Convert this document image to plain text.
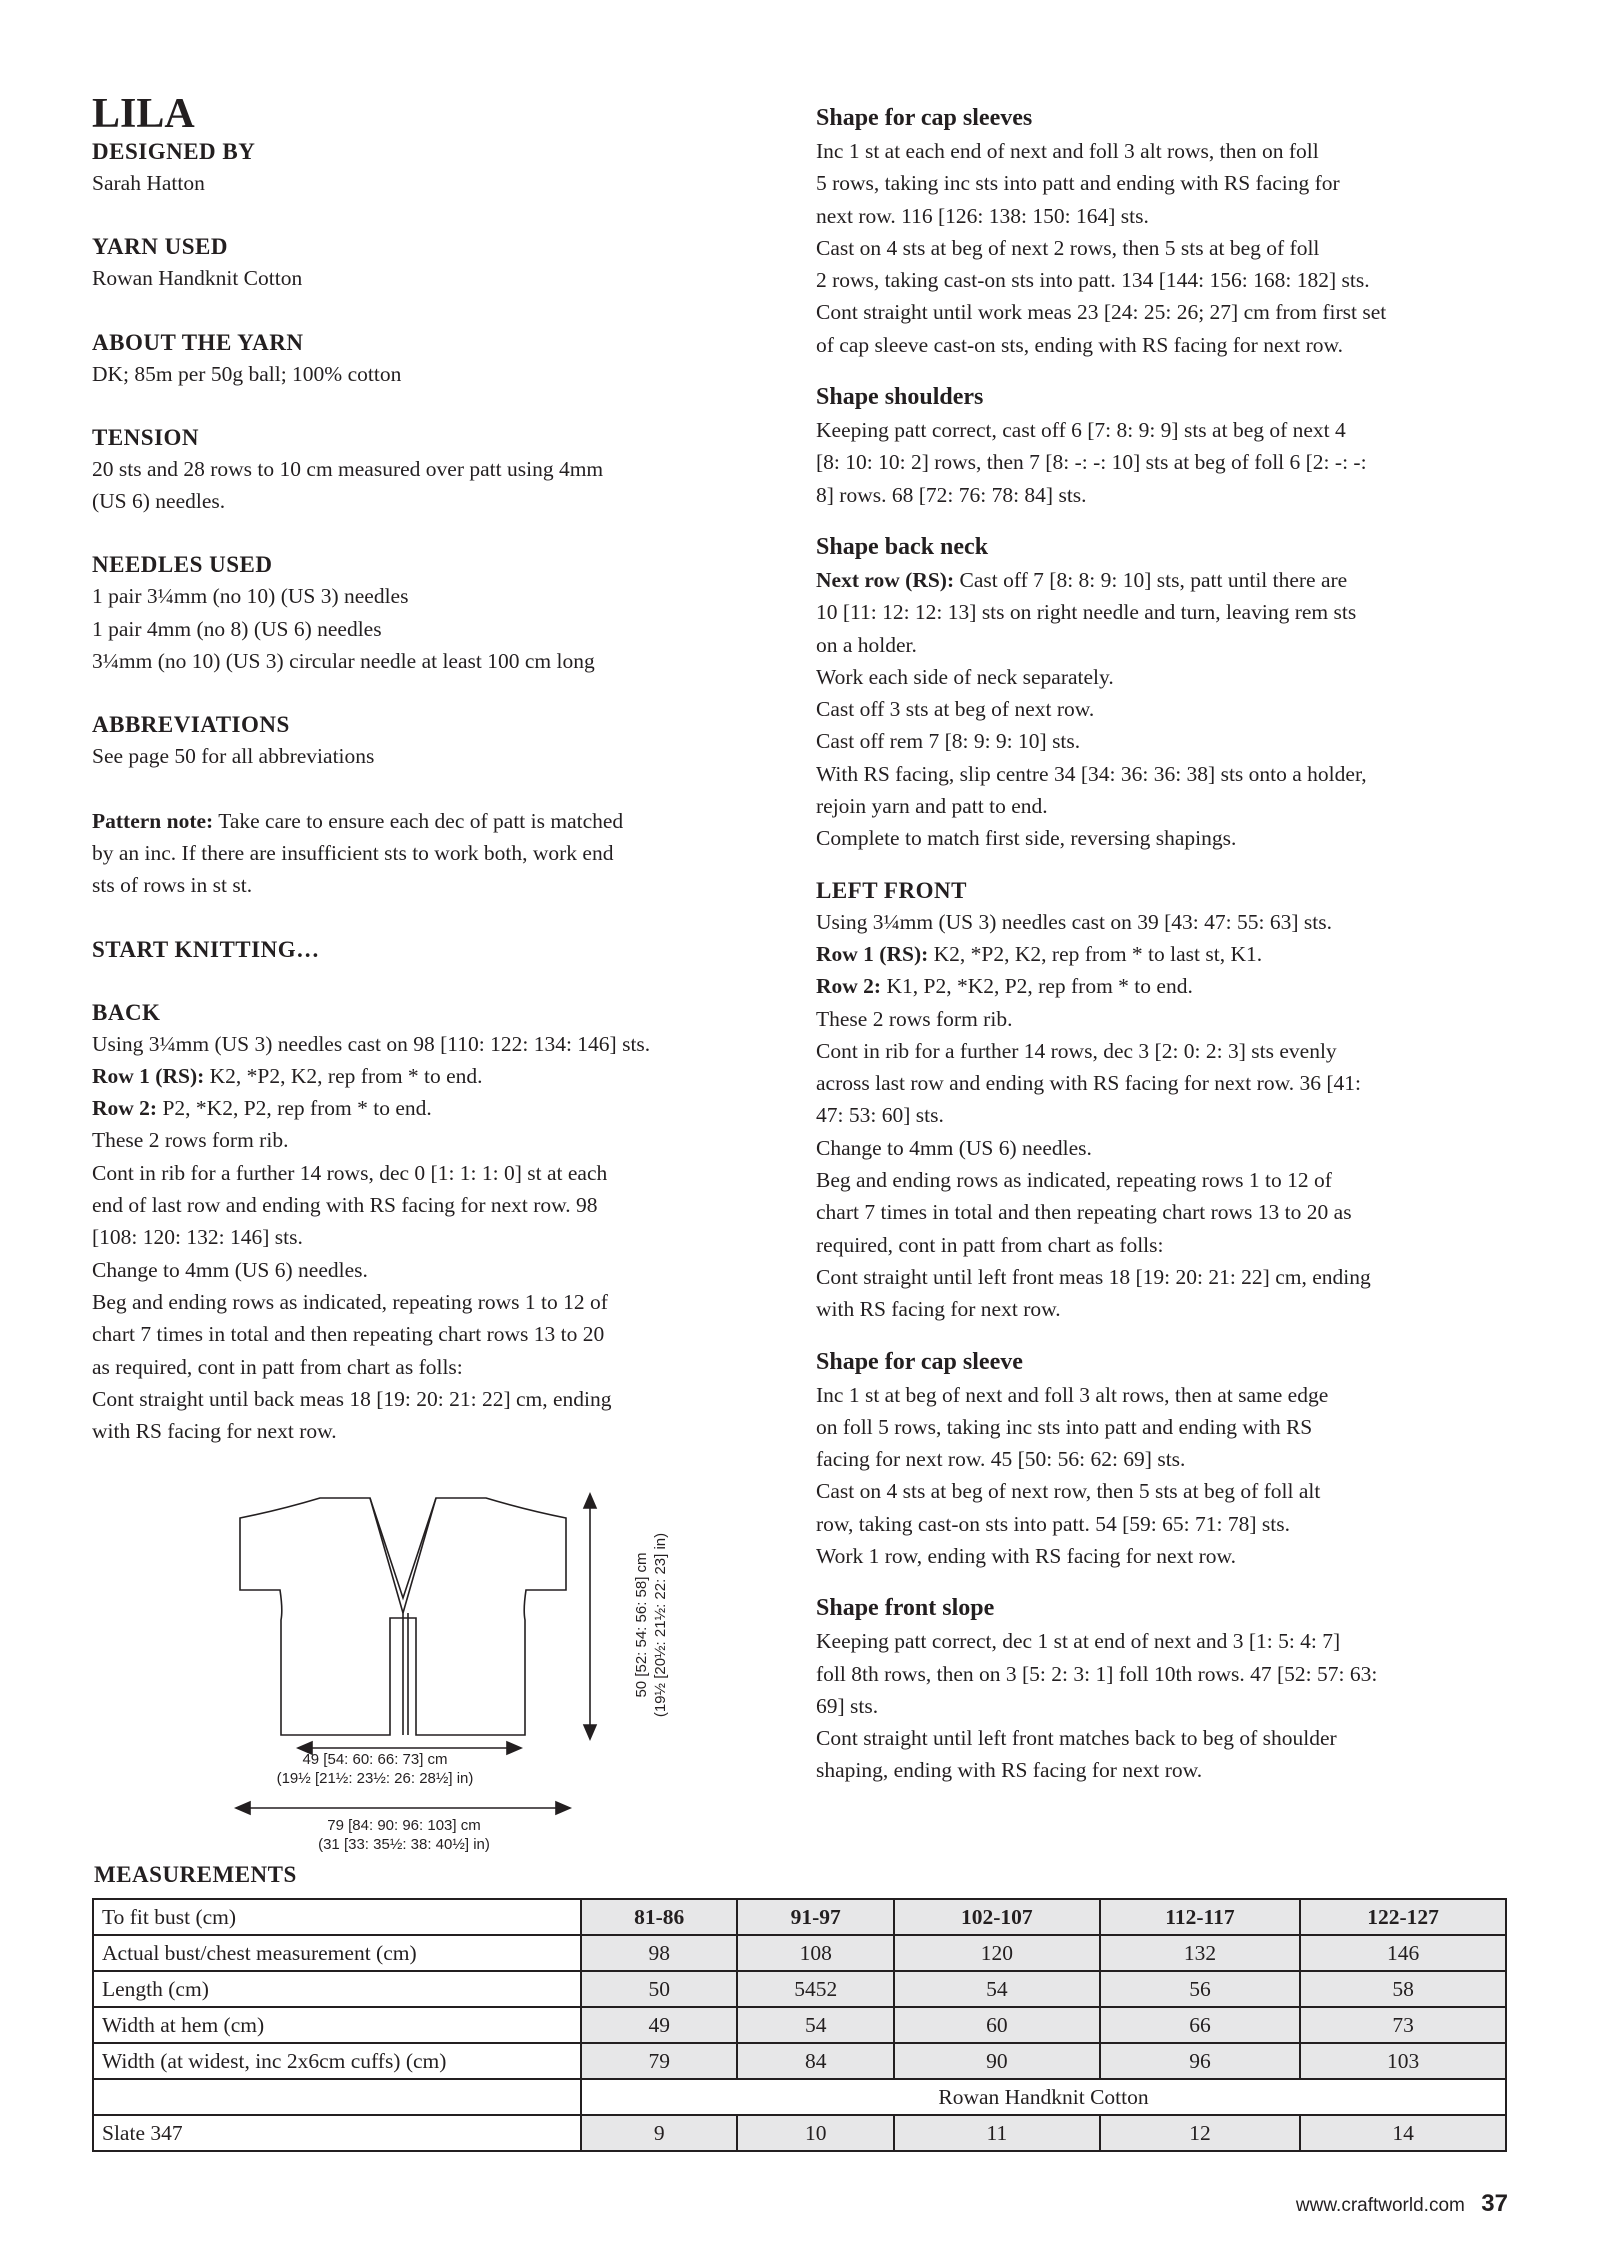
LILA

DESIGNED BY

Sarah Hatton

YARN USED

Rowan Handknit Cotton

ABOUT THE YARN

DK; 85m per 50g ball; 100% cotton

TENSION

20 sts and 28 rows to 10 cm measured over patt using 4mm

(US 6) needles.

NEEDLES USED

1 pair 3¼mm (no 10) (US 3) needles

1 pair 4mm (no 8) (US 6) needles

3¼mm (no 10) (US 3) circular needle at least 100 cm long

ABBREVIATIONS

See page 50 for all abbreviations

Pattern note: Take care to ensure each dec of patt is matched

by an inc. If there are insufficient sts to work both, work end

sts of rows in st st.

START KNITTING…

BACK

Using 3¼mm (US 3) needles cast on 98 [110: 122: 134: 146] sts.

Row 1 (RS): K2, *P2, K2, rep from * to end.

Row 2: P2, *K2, P2, rep from * to end.

These 2 rows form rib.

Cont in rib for a further 14 rows, dec 0 [1: 1: 1: 0] st at each

end of last row and ending with RS facing for next row. 98

[108: 120: 132: 146] sts.

Change to 4mm (US 6) needles.

Beg and ending rows as indicated, repeating rows 1 to 12 of

chart 7 times in total and then repeating chart rows 13 to 20

as required, cont in patt from chart as folls:

Cont straight until back meas 18 [19: 20: 21: 22] cm, ending

with RS facing for next row.

49 [54: 60: 66: 73] cm
(19½ [21½: 23½: 26: 28½] in)
79 [84: 90: 96: 103] cm
(31 [33: 35½: 38: 40½] in)
50 [52: 54: 56: 58] cm (19½ [20½: 21½: 22: 23] in)

Shape for cap sleeves

Inc 1 st at each end of next and foll 3 alt rows, then on foll

5 rows, taking inc sts into patt and ending with RS facing for

next row. 116 [126: 138: 150: 164] sts.

Cast on 4 sts at beg of next 2 rows, then 5 sts at beg of foll

2 rows, taking cast-on sts into patt. 134 [144: 156: 168: 182] sts.

Cont straight until work meas 23 [24: 25: 26; 27] cm from first set

of cap sleeve cast-on sts, ending with RS facing for next row.

Shape shoulders

Keeping patt correct, cast off 6 [7: 8: 9: 9] sts at beg of next 4

[8: 10: 10: 2] rows, then 7 [8: -: -: 10] sts at beg of foll 6 [2: -: -:

8] rows. 68 [72: 76: 78: 84] sts.

Shape back neck

Next row (RS): Cast off 7 [8: 8: 9: 10] sts, patt until there are

10 [11: 12: 12: 13] sts on right needle and turn, leaving rem sts

on a holder.

Work each side of neck separately.

Cast off 3 sts at beg of next row.

Cast off rem 7 [8: 9: 9: 10] sts.

With RS facing, slip centre 34 [34: 36: 36: 38] sts onto a holder,

rejoin yarn and patt to end.

Complete to match first side, reversing shapings.

LEFT FRONT

Using 3¼mm (US 3) needles cast on 39 [43: 47: 55: 63] sts.

Row 1 (RS): K2, *P2, K2, rep from * to last st, K1.

Row 2: K1, P2, *K2, P2, rep from * to end.

These 2 rows form rib.

Cont in rib for a further 14 rows, dec 3 [2: 0: 2: 3] sts evenly

across last row and ending with RS facing for next row. 36 [41:

47: 53: 60] sts.

Change to 4mm (US 6) needles.

Beg and ending rows as indicated, repeating rows 1 to 12 of

chart 7 times in total and then repeating chart rows 13 to 20 as

required, cont in patt from chart as folls:

Cont straight until left front meas 18 [19: 20: 21: 22] cm, ending

with RS facing for next row.

Shape for cap sleeve

Inc 1 st at beg of next and foll 3 alt rows, then at same edge

on foll 5 rows, taking inc sts into patt and ending with RS

facing for next row. 45 [50: 56: 62: 69] sts.

Cast on 4 sts at beg of next row, then 5 sts at beg of foll alt

row, taking cast-on sts into patt. 54 [59: 65: 71: 78] sts.

Work 1 row, ending with RS facing for next row.

Shape front slope

Keeping patt correct, dec 1 st at end of next and 3 [1: 5: 4: 7]

foll 8th rows, then on 3 [5: 2: 3: 1] foll 10th rows. 47 [52: 57: 63:

69] sts.

Cont straight until left front matches back to beg of shoulder

shaping, ending with RS facing for next row.

MEASUREMENTS
To fit bust (cm)	81-86	91-97	102-107	112-117	122-127
Actual bust/chest measurement (cm)	98	108	120	132	146
Length (cm)	50	5452	54	56	58
Width at hem (cm)	49	54	60	66	73
Width (at widest, inc 2x6cm cuffs) (cm)	79	84	90	96	103
	Rowan Handknit Cotton				
Slate 347	9	10	11	12	14
www.craftworld.com 37
